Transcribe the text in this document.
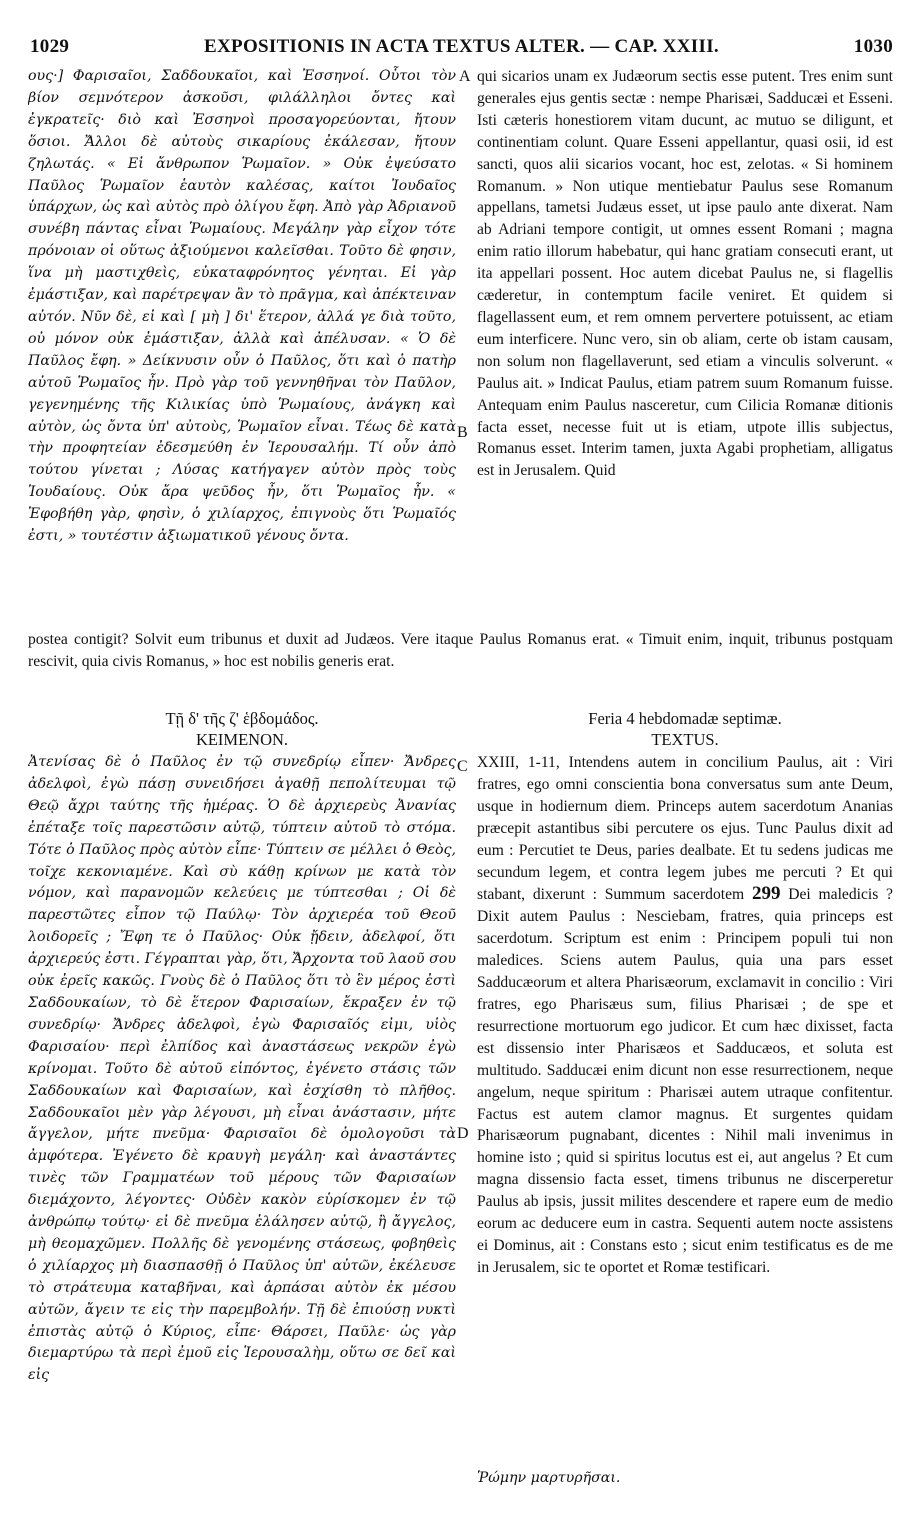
1029	EXPOSITIONIS IN ACTA TEXTUS ALTER. — CAP. XXIII.	1030

ους·] Φαρισαῖοι, Σαδδουκαῖοι, καὶ Ἐσσηνοί. Οὗτοι τὸν βίον σεμνότερον ἀσκοῦσι, φιλάλληλοι ὄντες καὶ ἐγκρατεῖς· διὸ καὶ Ἐσσηνοὶ προσαγορεύονται, ἤτουν ὅσιοι. Ἄλλοι δὲ αὐτοὺς σικαρίους ἐκάλεσαν, ἤτουν ζηλωτάς. « Εἰ ἄνθρωπον Ῥωμαῖον. » Οὐκ ἐψεύσατο Παῦλος Ῥωμαῖον ἑαυτὸν καλέσας, καίτοι Ἰουδαῖος ὑπάρχων, ὡς καὶ αὐτὸς πρὸ ὀλίγου ἔφη. Ἀπὸ γὰρ Ἀδριανοῦ συνέβη πάντας εἶναι Ῥωμαίους. Μεγάλην γὰρ εἶχον τότε πρόνοιαν οἱ οὕτως ἀξιούμενοι καλεῖσθαι. Τοῦτο δὲ φησιν, ἵνα μὴ μαστιχθεὶς, εὐκαταφρόνητος γένηται. Εἰ γὰρ ἐμάστιξαν, καὶ παρέτρεψαν ἂν τὸ πρᾶγμα, καὶ ἀπέκτειναν αὐτόν. Νῦν δὲ, εἰ καὶ [ μὴ ] δι' ἕτερον, ἀλλά γε διὰ τοῦτο, οὐ μόνον οὐκ ἐμάστιξαν, ἀλλὰ καὶ ἀπέλυσαν. « Ὁ δὲ Παῦλος ἔφη. » Δείκνυσιν οὖν ὁ Παῦλος, ὅτι καὶ ὁ πατὴρ αὐτοῦ Ῥωμαῖος ἦν. Πρὸ γὰρ τοῦ γεννηθῆναι τὸν Παῦλον, γεγενημένης τῆς Κιλικίας ὑπὸ Ῥωμαίους, ἀνάγκη καὶ αὐτὸν, ὡς ὄντα ὑπ' αὐτοὺς, Ῥωμαῖον εἶναι. Τέως δὲ κατὰ τὴν προφητείαν ἐδεσμεύθη ἐν Ἱερουσαλήμ. Τί οὖν ἀπὸ τούτου γίνεται ; Λύσας κατήγαγεν αὐτὸν πρὸς τοὺς Ἰουδαίους. Οὐκ ἄρα ψεῦδος ἦν, ὅτι Ῥωμαῖος ἦν. « Ἐφοβήθη γὰρ, φησὶν, ὁ χιλίαρχος, ἐπιγνοὺς ὅτι Ῥωμαῖός ἐστι, » τουτέστιν ἀξιωματικοῦ γένους ὄντα.

A qui sicarios unam ex Judæorum sectis esse putent. Tres enim sunt generales ejus gentis sectæ : nempe Pharisæi, Sadducæi et Esseni. Isti cæteris honestiorem vitam ducunt, ac mutuo se diligunt, et continentiam colunt. Quare Esseni appellantur, quasi osii, id est sancti, quos alii sicarios vocant, hoc est, zelotas. « Si hominem Romanum. » Non utique mentiebatur Paulus sese Romanum appellans, tametsi Judæus esset, ut ipse paulo ante dixerat. Nam ab Adriani tempore contigit, ut omnes essent Romani ; magna enim ratio illorum habebatur, qui hanc gratiam consecuti erant, ut ita appellari possent. Hoc autem dicebat Paulus ne, si flagellis cæderetur, in contemptum facile veniret. Et quidem si flagellassent eum, et rem omnem pervertere potuissent, ac etiam eum interficere. Nunc vero, sin ob aliam, certe ob istam causam, non solum non flagellaverunt, sed etiam a vinculis solverunt. « Paulus ait. » Indicat Paulus, etiam patrem suum Romanum fuisse. Antequam enim Paulus nasceretur, cum Cilicia Romanæ ditionis facta esset, necesse fuit ut is etiam, utpote illis subjectus, Romanus esset. Interim tamen, juxta Agabi prophetiam, alligatus est in Jerusalem. Quid

B
postea contigit? Solvit eum tribunus et duxit ad Judæos. Vere itaque Paulus Romanus erat. « Timuit enim, inquit, tribunus postquam rescivit, quia civis Romanus, » hoc est nobilis generis erat.
Τῇ δ' τῆς ζ' ἑβδομάδος.
ΚΕΙΜΕΝΟΝ.
Feria 4 hebdomadæ septimæ.
TEXTUS.

Ἀτενίσας δὲ ὁ Παῦλος ἐν τῷ συνεδρίῳ εἶπεν· Ἄνδρες ἀδελφοὶ, ἐγὼ πάσῃ συνειδήσει ἀγαθῇ πεπολίτευμαι τῷ Θεῷ ἄχρι ταύτης τῆς ἡμέρας. Ὁ δὲ ἀρχιερεὺς Ἀνανίας ἐπέταξε τοῖς παρεστῶσιν αὐτῷ, τύπτειν αὐτοῦ τὸ στόμα. Τότε ὁ Παῦλος πρὸς αὐτὸν εἶπε· Τύπτειν σε μέλλει ὁ Θεὸς, τοῖχε κεκονιαμένε. Καὶ σὺ κάθῃ κρίνων με κατὰ τὸν νόμον, καὶ παρανομῶν κελεύεις με τύπτεσθαι ; Οἱ δὲ παρεστῶτες εἶπον τῷ Παύλῳ· Τὸν ἀρχιερέα τοῦ Θεοῦ λοιδορεῖς ; Ἔφη τε ὁ Παῦλος· Οὐκ ᾔδειν, ἀδελφοί, ὅτι ἀρχιερεύς ἐστι. Γέγραπται γὰρ, ὅτι, Ἄρχοντα τοῦ λαοῦ σου οὐκ ἐρεῖς κακῶς. Γνοὺς δὲ ὁ Παῦλος ὅτι τὸ ἓν μέρος ἐστὶ Σαδδουκαίων, τὸ δὲ ἕτερον Φαρισαίων, ἔκραξεν ἐν τῷ συνεδρίῳ· Ἄνδρες ἀδελφοὶ, ἐγὼ Φαρισαῖός εἰμι, υἱὸς Φαρισαίου· περὶ ἐλπίδος καὶ ἀναστάσεως νεκρῶν ἐγὼ κρίνομαι. Τοῦτο δὲ αὐτοῦ εἰπόντος, ἐγένετο στάσις τῶν Σαδδουκαίων καὶ Φαρισαίων, καὶ ἐσχίσθη τὸ πλῆθος. Σαδδουκαῖοι μὲν γὰρ λέγουσι, μὴ εἶναι ἀνάστασιν, μήτε ἄγγελον, μήτε πνεῦμα· Φαρισαῖοι δὲ ὁμολογοῦσι τὰ ἀμφότερα. Ἐγένετο δὲ κραυγὴ μεγάλη· καὶ ἀναστάντες τινὲς τῶν Γραμματέων τοῦ μέρους τῶν Φαρισαίων διεμάχοντο, λέγοντες· Οὐδὲν κακὸν εὑρίσκομεν ἐν τῷ ἀνθρώπῳ τούτῳ· εἰ δὲ πνεῦμα ἐλάλησεν αὐτῷ, ἢ ἄγγελος, μὴ θεομαχῶμεν. Πολλῆς δὲ γενομένης στάσεως, φοβηθεὶς ὁ χιλίαρχος μὴ διασπασθῇ ὁ Παῦλος ὑπ' αὐτῶν, ἐκέλευσε τὸ στράτευμα καταβῆναι, καὶ ἁρπάσαι αὐτὸν ἐκ μέσου αὐτῶν, ἄγειν τε εἰς τὴν παρεμβολήν. Τῇ δὲ ἐπιούσῃ νυκτὶ ἐπιστὰς αὐτῷ ὁ Κύριος, εἶπε· Θάρσει, Παῦλε· ὡς γὰρ διεμαρτύρω τὰ περὶ ἐμοῦ εἰς Ἱερουσαλὴμ, οὕτω σε δεῖ καὶ εἰς

C
D

XXIII, 1-11, Intendens autem in concilium Paulus, ait : Viri fratres, ego omni conscientia bona conversatus sum ante Deum, usque in hodiernum diem. Princeps autem sacerdotum Ananias præcepit astantibus sibi percutere os ejus. Tunc Paulus dixit ad eum : Percutiet te Deus, paries dealbate. Et tu sedens judicas me secundum legem, et contra legem jubes me percuti ? Et qui stabant, dixerunt : Summum sacerdotem 299 Dei maledicis ? Dixit autem Paulus : Nesciebam, fratres, quia princeps est sacerdotum. Scriptum est enim : Principem populi tui non maledices. Sciens autem Paulus, quia una pars esset Sadducæorum et altera Pharisæorum, exclamavit in concilio : Viri fratres, ego Pharisæus sum, filius Pharisæi ; de spe et resurrectione mortuorum ego judicor. Et cum hæc dixisset, facta est dissensio inter Pharisæos et Sadducæos, et soluta est multitudo. Sadducæi enim dicunt non esse resurrectionem, neque angelum, neque spiritum : Pharisæi autem utraque confitentur. Factus est autem clamor magnus. Et surgentes quidam Pharisæorum pugnabant, dicentes : Nihil mali invenimus in homine isto ; quid si spiritus locutus est ei, aut angelus ? Et cum magna dissensio facta esset, timens tribunus ne discerperetur Paulus ab ipsis, jussit milites descendere et rapere eum de medio eorum ac deducere eum in castra. Sequenti autem nocte assistens ei Dominus, ait : Constans esto ; sicut enim testificatus es de me in Jerusalem, sic te oportet et Romæ testificari.

Ῥώμην μαρτυρῆσαι.
